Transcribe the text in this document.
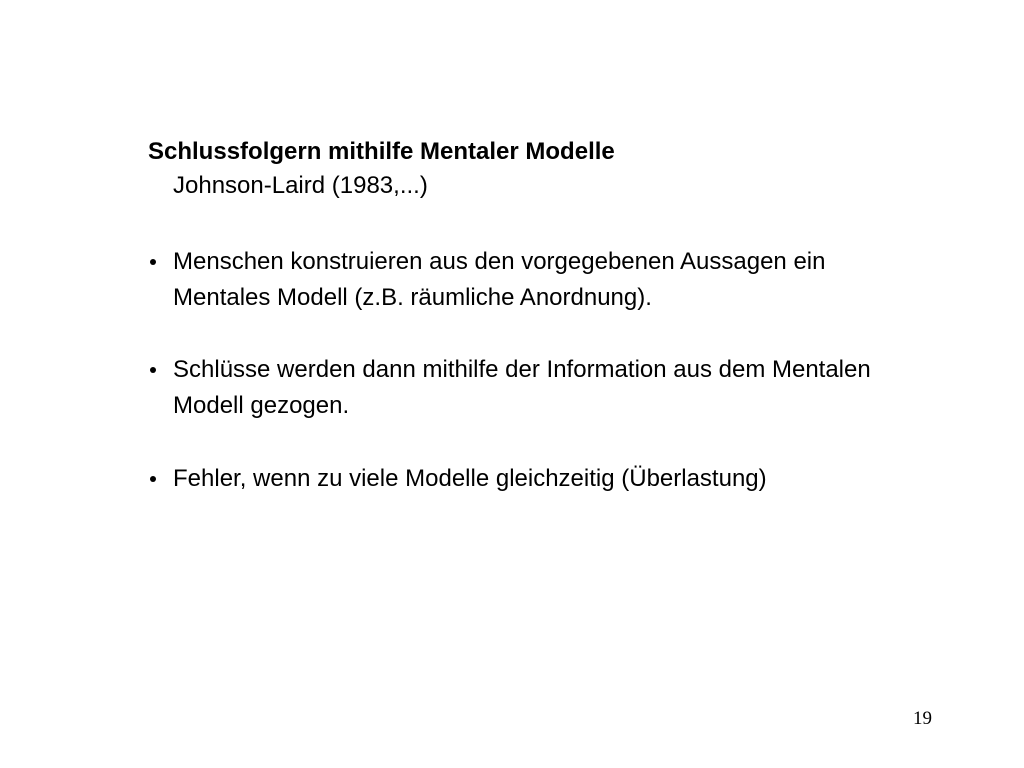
Schlussfolgern mithilfe Mentaler Modelle
Johnson-Laird (1983,...)
Menschen konstruieren aus den vorgegebenen Aussagen ein Mentales Modell (z.B. räumliche Anordnung).
Schlüsse werden dann mithilfe der Information aus dem Mentalen Modell gezogen.
Fehler, wenn zu viele Modelle gleichzeitig (Überlastung)
19
